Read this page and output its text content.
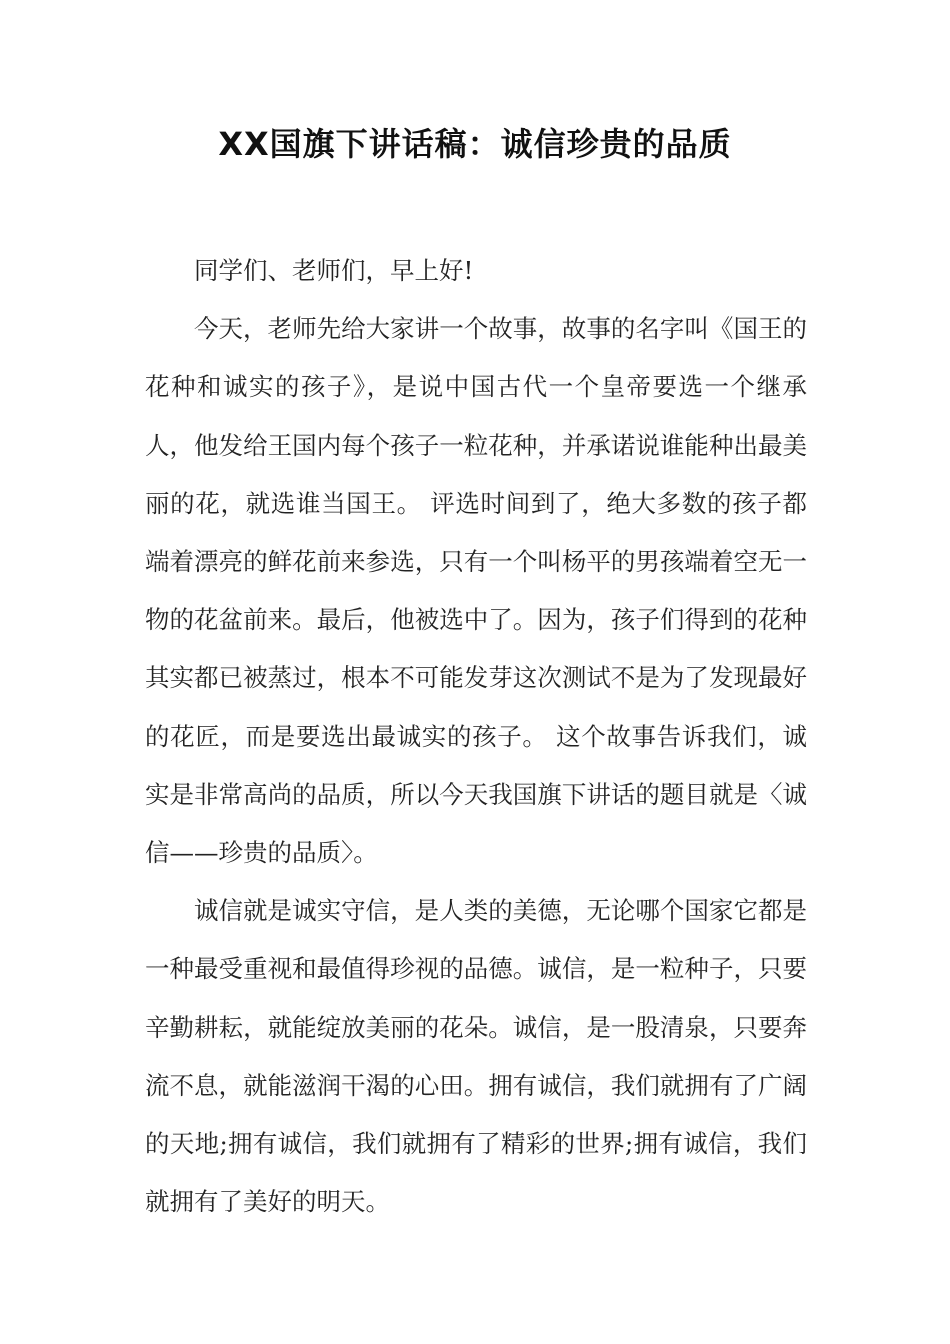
XX国旗下讲话稿：诚信珍贵的品质

同学们、老师们，早上好!

今天，老师先给大家讲一个故事，故事的名字叫《国王的花种和诚实的孩子》，是说中国古代一个皇帝要选一个继承人，他发给王国内每个孩子一粒花种，并承诺说谁能种出最美丽的花，就选谁当国王。 评选时间到了，绝大多数的孩子都端着漂亮的鲜花前来参选，只有一个叫杨平的男孩端着空无一物的花盆前来。最后，他被选中了。因为，孩子们得到的花种其实都已被蒸过，根本不可能发芽这次测试不是为了发现最好的花匠，而是要选出最诚实的孩子。 这个故事告诉我们，诚实是非常高尚的品质，所以今天我国旗下讲话的题目就是〈诚信——珍贵的品质〉。

诚信就是诚实守信，是人类的美德，无论哪个国家它都是一种最受重视和最值得珍视的品德。诚信，是一粒种子，只要辛勤耕耘，就能绽放美丽的花朵。诚信，是一股清泉，只要奔流不息，就能滋润干渴的心田。拥有诚信，我们就拥有了广阔的天地;拥有诚信，我们就拥有了精彩的世界;拥有诚信，我们就拥有了美好的明天。
